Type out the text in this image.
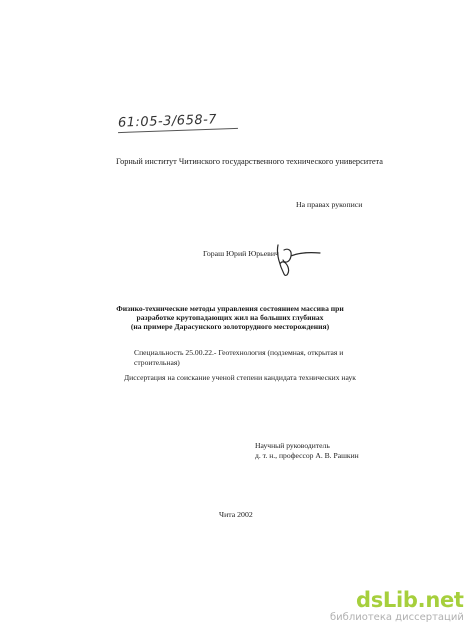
61:05-3/658-7
Горный институт Читинского государственного технического университета
На правах рукописи
Гораш Юрий Юрьевич
Физико-технические методы управления состоянием массива при
разработке крутопадающих жил на больших глубинах
(на примере Дарасунского золоторудного месторождения)
Специальность 25.00.22.- Геотехнология (подземная, открытая и
строительная)
Диссертация на соискание ученой степени кандидата технических наук
Научный руководитель
д. т. н., профессор А. В. Рашкин
Чита 2002
dsLib.net
библиотека диссертаций
